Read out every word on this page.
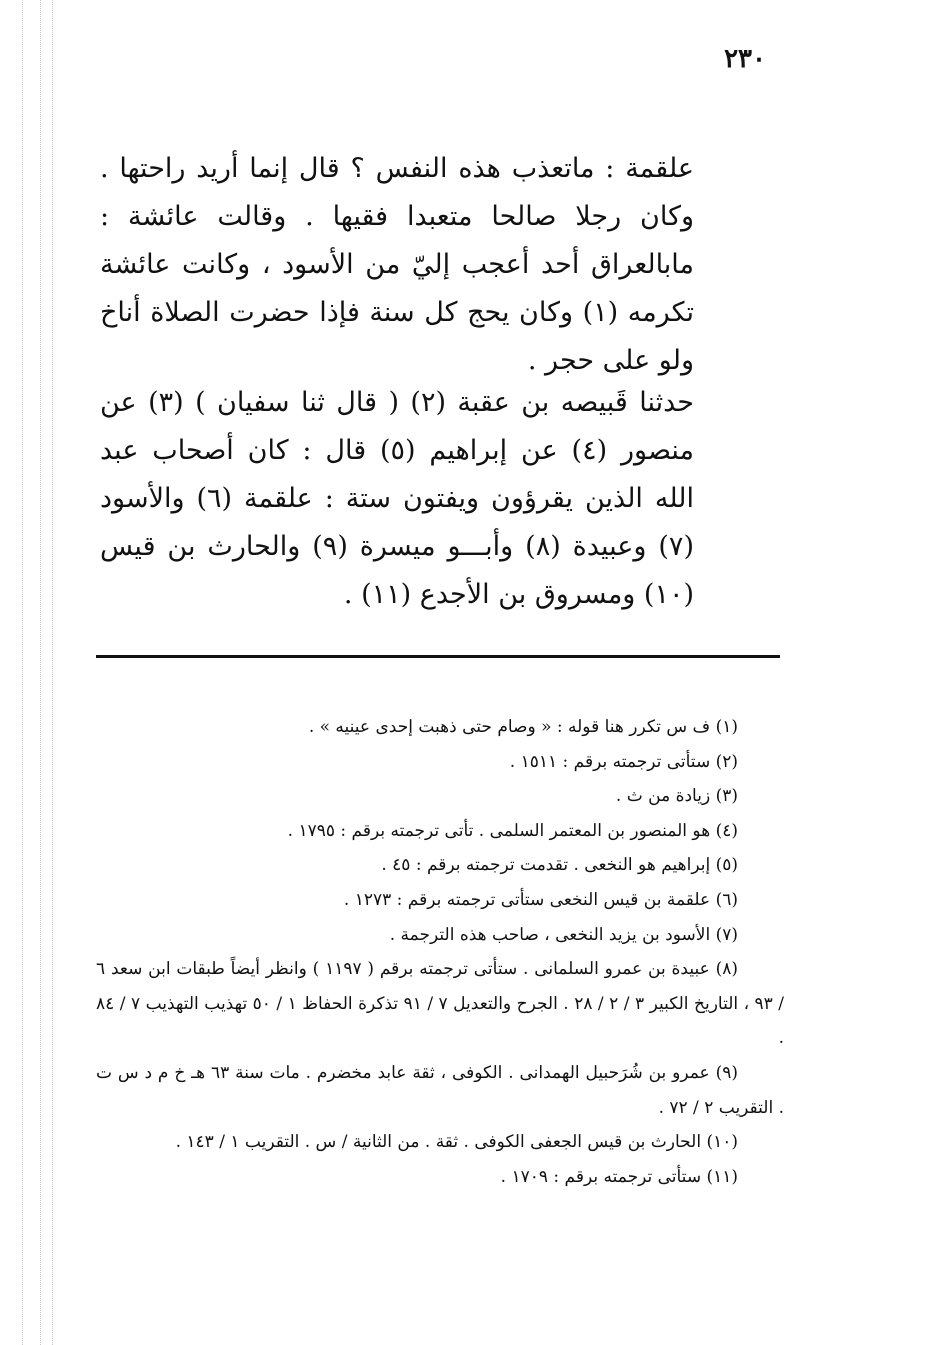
٢٣٠

علقمة : ماتعذب هذه النفس ؟ قال إنما أريد راحتها . وكان رجلا صالحا متعبدا فقيها . وقالت عائشة : مابالعراق أحد أعجب إليّ من الأسود ، وكانت عائشة تكرمه (١) وكان يحج كل سنة فإذا حضرت الصلاة أناخ ولو على حجر .

حدثنا قَبيصه بن عقبة (٢) ( قال ثنا سفيان ) (٣) عن منصور (٤) عن إبراهيم (٥) قال : كان أصحاب عبد الله الذين يقرؤون ويفتون ستة : علقمة (٦) والأسود (٧) وعبيدة (٨) وأبـــو ميسرة (٩) والحارث بن قيس (١٠) ومسروق بن الأجدع (١١) .

(١) ف س تكرر هنا قوله : « وصام حتى ذهبت إحدى عينيه » .

(٢) ستأتى ترجمته برقم : ١٥١١ .

(٣) زيادة من ث .

(٤) هو المنصور بن المعتمر السلمى . تأتى ترجمته برقم : ١٧٩٥ .

(٥) إبراهيم هو النخعى . تقدمت ترجمته برقم : ٤٥ .

(٦) علقمة بن قيس النخعى ستأتى ترجمته برقم : ١٢٧٣ .

(٧) الأسود بن يزيد النخعى ، صاحب هذه الترجمة .

(٨) عبيدة بن عمرو السلمانى . ستأتى ترجمته برقم ( ١١٩٧ ) وانظر أيضاً طبقات ابن سعد ٦ / ٩٣ ، التاريخ الكبير ٣ / ٢ / ٢٨ . الجرح والتعديل ٧ / ٩١ تذكرة الحفاظ ١ / ٥٠ تهذيب التهذيب ٧ / ٨٤ .

(٩) عمرو بن شُرَحبيل الهمدانى . الكوفى ، ثقة عابد مخضرم . مات سنة ٦٣ هـ خ م د س ت . التقريب ٢ / ٧٢ .

(١٠) الحارث بن قيس الجعفى الكوفى . ثقة . من الثانية / س . التقريب ١ / ١٤٣ .

(١١) ستأتى ترجمته برقم : ١٧٠٩ .
